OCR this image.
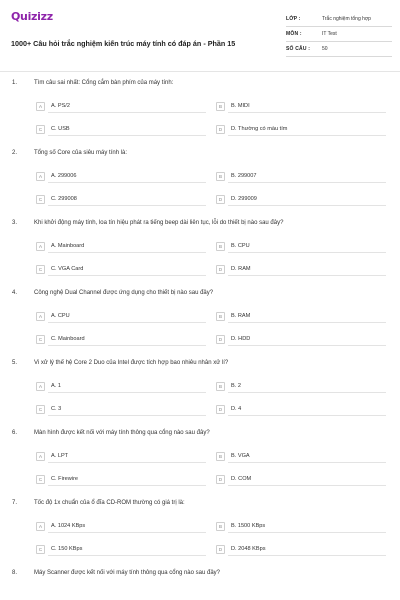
Quizizz
1000+ Câu hỏi trắc nghiệm kiến trúc máy tính có đáp án - Phần 15
LỚP :	Trắc nghiệm tổng hợp
MÔN :	IT Test
SỐ CÂU :	50
1.	Tìm câu sai nhất: Cổng cắm bàn phím của máy tính:
A	A. PS/2	B	B. MIDI
C	C. USB	D	D. Thường có màu tím
2.	Tổng số Core của siêu máy tính là:
A	A. 299006	B	B. 299007
C	C. 299008	D	D. 299009
3.	Khi khởi động máy tính, loa tín hiệu phát ra tiếng beep dài liên tục, lỗi do thiết bị nào sau đây?
A	A. Mainboard	B	B. CPU
C	C. VGA Card	D	D. RAM
4.	Công nghệ Dual Channel được ứng dụng cho thiết bị nào sau đây?
A	A. CPU	B	B. RAM
C	C. Mainboard	D	D. HDD
5.	Vi xử lý thế hệ Core 2 Duo của Intel được tích hợp bao nhiêu nhân xử lí?
A	A. 1	B	B. 2
C	C. 3	D	D. 4
6.	Màn hình được kết nối với máy tính thông qua cổng nào sau đây?
A	A. LPT	B	B. VGA
C	C. Firewire	D	D. COM
7.	Tốc độ 1x chuẩn của ổ đĩa CD-ROM thường có giá trị là:
A	A. 1024 KBps	B	B. 1500 KBps
C	C. 150 KBps	D	D. 2048 KBps
8.	Máy Scanner được kết nối với máy tính thông qua cổng nào sau đây?
